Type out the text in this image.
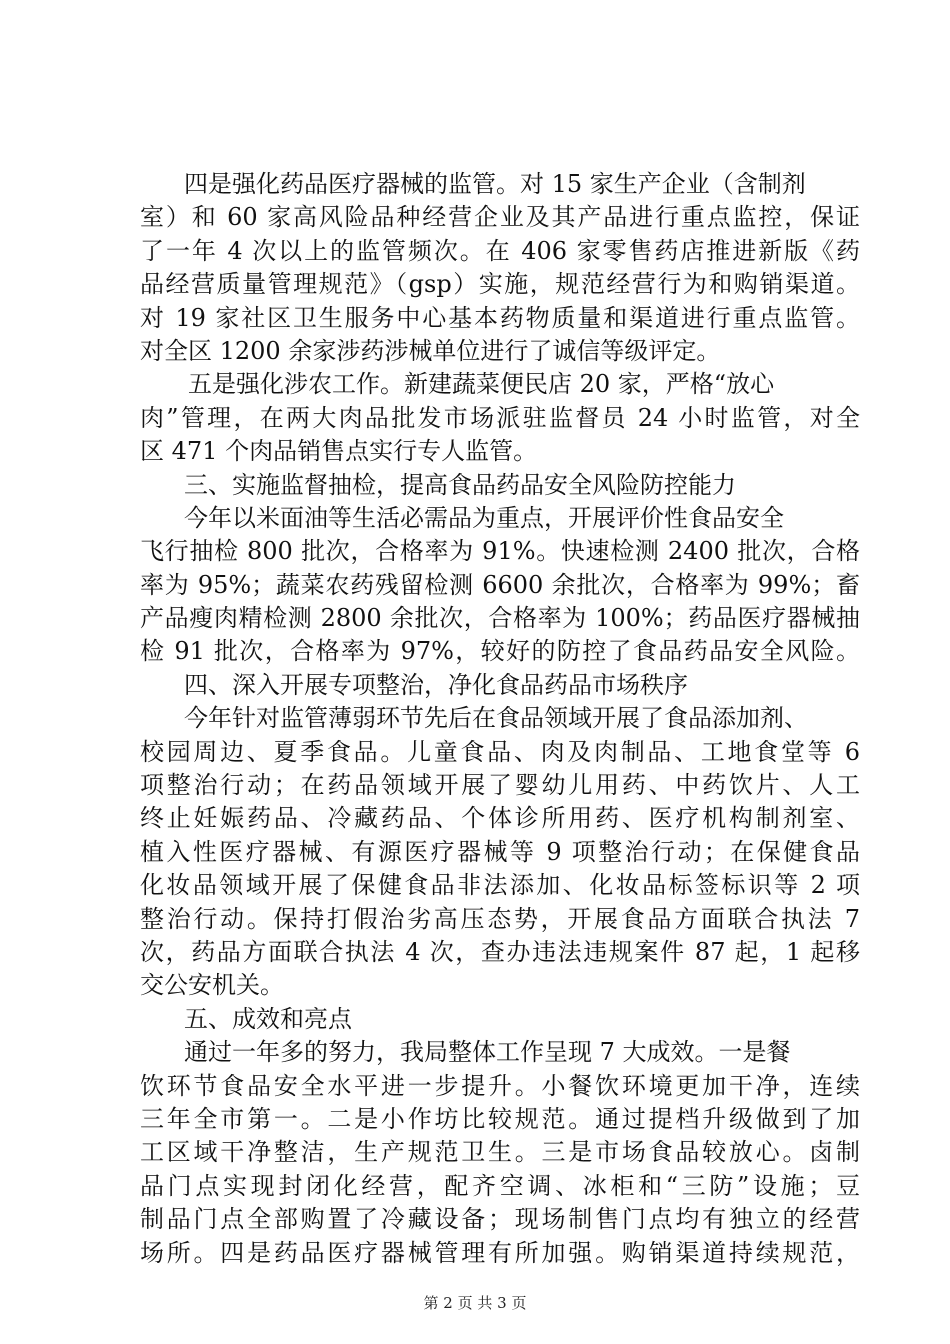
四是强化药品医疗器械的监管。对 15 家生产企业（含制剂
室）和 60 家高风险品种经营企业及其产品进行重点监控，保证
了一年 4 次以上的监管频次。在 406 家零售药店推进新版《药
品经营质量管理规范》（gsp）实施，规范经营行为和购销渠道。
对 19 家社区卫生服务中心基本药物质量和渠道进行重点监管。
对全区 1200 余家涉药涉械单位进行了诚信等级评定。
五是强化涉农工作。新建蔬菜便民店 20 家，严格“放心
肉”管理，在两大肉品批发市场派驻监督员 24 小时监管，对全
区 471 个肉品销售点实行专人监管。
三、实施监督抽检，提高食品药品安全风险防控能力
今年以米面油等生活必需品为重点，开展评价性食品安全
飞行抽检 800 批次，合格率为 91%。快速检测 2400 批次，合格
率为 95%；蔬菜农药残留检测 6600 余批次，合格率为 99%；畜
产品瘦肉精检测 2800 余批次，合格率为 100%；药品医疗器械抽
检 91 批次，合格率为 97%，较好的防控了食品药品安全风险。
四、深入开展专项整治，净化食品药品市场秩序
今年针对监管薄弱环节先后在食品领域开展了食品添加剂、
校园周边、夏季食品。儿童食品、肉及肉制品、工地食堂等 6
项整治行动；在药品领域开展了婴幼儿用药、中药饮片、人工
终止妊娠药品、冷藏药品、个体诊所用药、医疗机构制剂室、
植入性医疗器械、有源医疗器械等 9 项整治行动；在保健食品
化妆品领域开展了保健食品非法添加、化妆品标签标识等 2 项
整治行动。保持打假治劣高压态势，开展食品方面联合执法 7
次，药品方面联合执法 4 次，查办违法违规案件 87 起，1 起移
交公安机关。
五、成效和亮点
通过一年多的努力，我局整体工作呈现 7 大成效。一是餐
饮环节食品安全水平进一步提升。小餐饮环境更加干净，连续
三年全市第一。二是小作坊比较规范。通过提档升级做到了加
工区域干净整洁，生产规范卫生。三是市场食品较放心。卤制
品门点实现封闭化经营，配齐空调、冰柜和“三防”设施；豆
制品门点全部购置了冷藏设备；现场制售门点均有独立的经营
场所。四是药品医疗器械管理有所加强。购销渠道持续规范，
第 2 页 共 3 页
